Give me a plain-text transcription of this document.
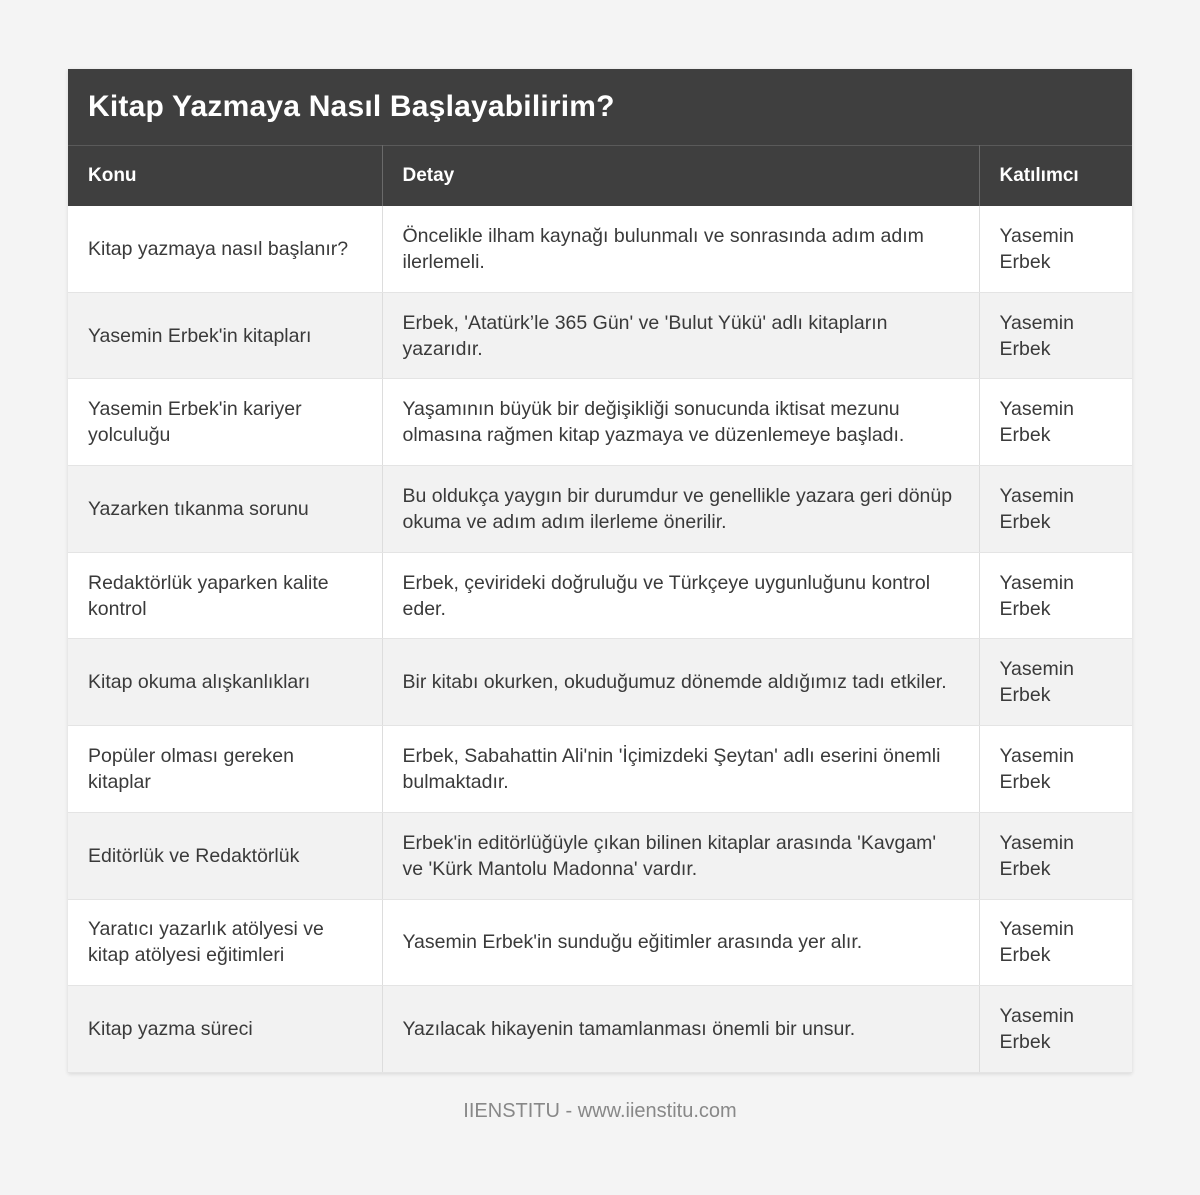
Kitap Yazmaya Nasıl Başlayabilirim?
Konu	Detay	Katılımcı
Kitap yazmaya nasıl başlanır?	Öncelikle ilham kaynağı bulunmalı ve sonrasında adım adım ilerlemeli.	Yasemin Erbek
Yasemin Erbek'in kitapları	Erbek, 'Atatürk’le 365 Gün' ve 'Bulut Yükü' adlı kitapların yazarıdır.	Yasemin Erbek
Yasemin Erbek'in kariyer yolculuğu	Yaşamının büyük bir değişikliği sonucunda iktisat mezunu olmasına rağmen kitap yazmaya ve düzenlemeye başladı.	Yasemin Erbek
Yazarken tıkanma sorunu	Bu oldukça yaygın bir durumdur ve genellikle yazara geri dönüp okuma ve adım adım ilerleme önerilir.	Yasemin Erbek
Redaktörlük yaparken kalite kontrol	Erbek, çevirideki doğruluğu ve Türkçeye uygunluğunu kontrol eder.	Yasemin Erbek
Kitap okuma alışkanlıkları	Bir kitabı okurken, okuduğumuz dönemde aldığımız tadı etkiler.	Yasemin Erbek
Popüler olması gereken kitaplar	Erbek, Sabahattin Ali'nin 'İçimizdeki Şeytan' adlı eserini önemli bulmaktadır.	Yasemin Erbek
Editörlük ve Redaktörlük	Erbek'in editörlüğüyle çıkan bilinen kitaplar arasında 'Kavgam' ve 'Kürk Mantolu Madonna' vardır.	Yasemin Erbek
Yaratıcı yazarlık atölyesi ve kitap atölyesi eğitimleri	Yasemin Erbek'in sunduğu eğitimler arasında yer alır.	Yasemin Erbek
Kitap yazma süreci	Yazılacak hikayenin tamamlanması önemli bir unsur.	Yasemin Erbek
IIENSTITU - www.iienstitu.com
